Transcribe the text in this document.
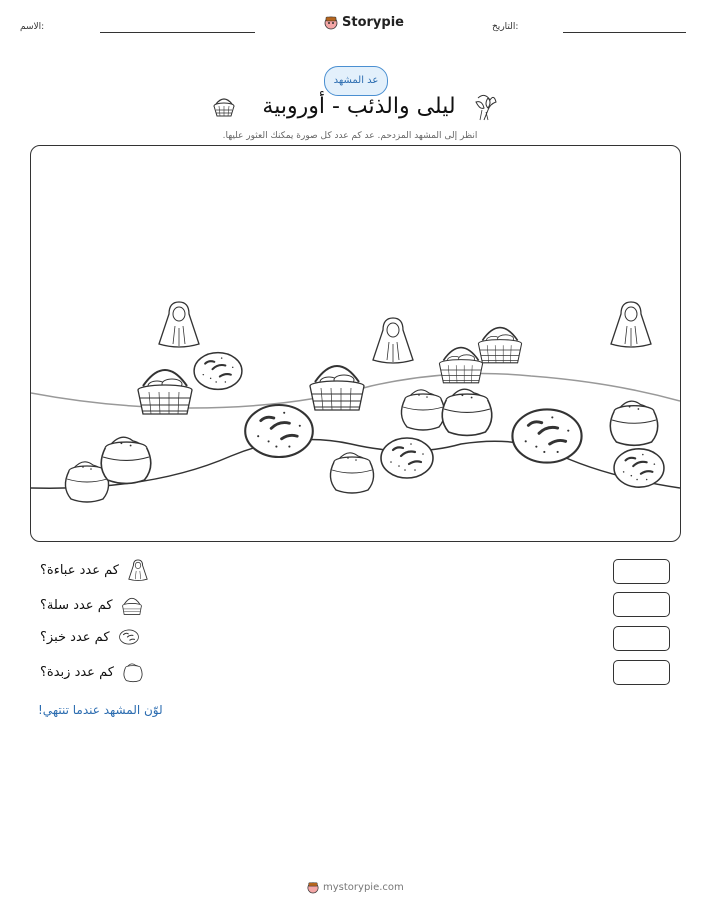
الاسم:	Storypie	التاريخ:
عد المشهد
ليلى والذئب - أوروبية
انظر إلى المشهد المزدحم. عد كم عدد كل صورة يمكنك العثور عليها.
كم عدد عباءة؟
كم عدد سلة؟
كم عدد خبز؟
كم عدد زبدة؟
لوّن المشهد عندما تنتهي!
mystorypie.com
